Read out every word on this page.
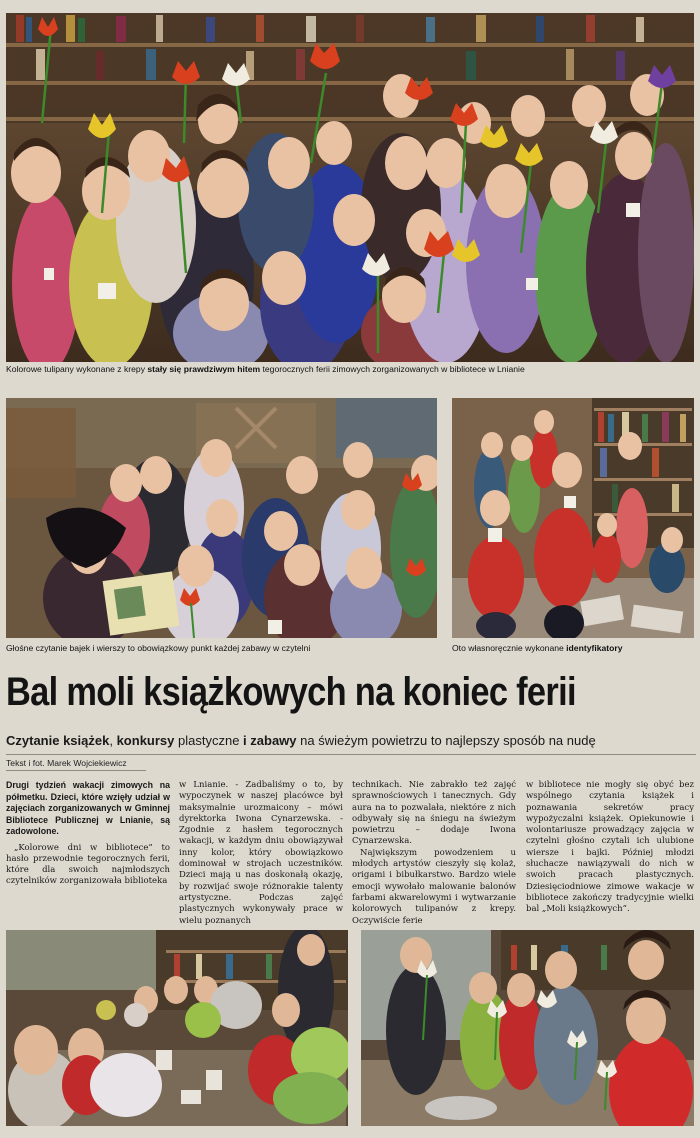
Kolorowe tulipany wykonane z krepy stały się prawdziwym hitem tegorocznych ferii zimowych zorganizowanych w bibliotece w Lnianie
Głośne czytanie bajek i wierszy to obowiązkowy punkt każdej zabawy w czytelni	Oto własnoręcznie wykonane identyfikatory
Bal moli książkowych na koniec ferii
Czytanie książek, konkursy plastyczne i zabawy na świeżym powietrzu to najlepszy sposób na nudę
Tekst i fot. Marek Wojciekiewicz

Drugi tydzień wakacji zimowych na półmetku. Dzieci, które wzięły udział w zajęciach zorganizowanych w Gminnej Bibliotece Publicznej w Lnianie, są zadowolone.

„Kolorowe dni w bibliotece” to hasło przewodnie tegorocznych ferii, które dla swoich najmłodszych czytelników zorganizowała biblioteka

w Lnianie. - Zadbaliśmy o to, by wypoczynek w naszej placówce był maksymalnie urozmaicony – mówi dyrektorka Iwona Cynarzewska. - Zgodnie z hasłem tegorocznych wakacji, w każdym dniu obowiązywał inny kolor, który obowiązkowo dominował w strojach uczestników. Dzieci mają u nas doskonałą okazję, by rozwijać swoje różnorakie talenty artystyczne. Podczas zajęć plastycznych wykonywały prace w wielu poznanych

technikach. Nie zabrakło też zajęć sprawnościowych i tanecznych. Gdy aura na to pozwalała, niektóre z nich odbywały się na śniegu na świeżym powietrzu – dodaje Iwona Cynarzewska.

Największym powodzeniem u młodych artystów cieszyły się kolaż, origami i bibułkarstwo. Bardzo wiele emocji wywołało malowanie balonów farbami akwarelowymi i wytwarzanie kolorowych tulipanów z krepy. Oczywiście ferie

w bibliotece nie mogły się obyć bez wspólnego czytania książek i poznawania sekretów pracy wypożyczalni książek. Opiekunowie i wolontariusze prowadzący zajęcia w czytelni głośno czytali ich ulubione wiersze i bajki. Później młodzi słuchacze nawiązywali do nich w swoich pracach plastycznych. Dziesięciodniowe zimowe wakacje w bibliotece zakończy tradycyjnie wielki bal „Moli książkowych”.
